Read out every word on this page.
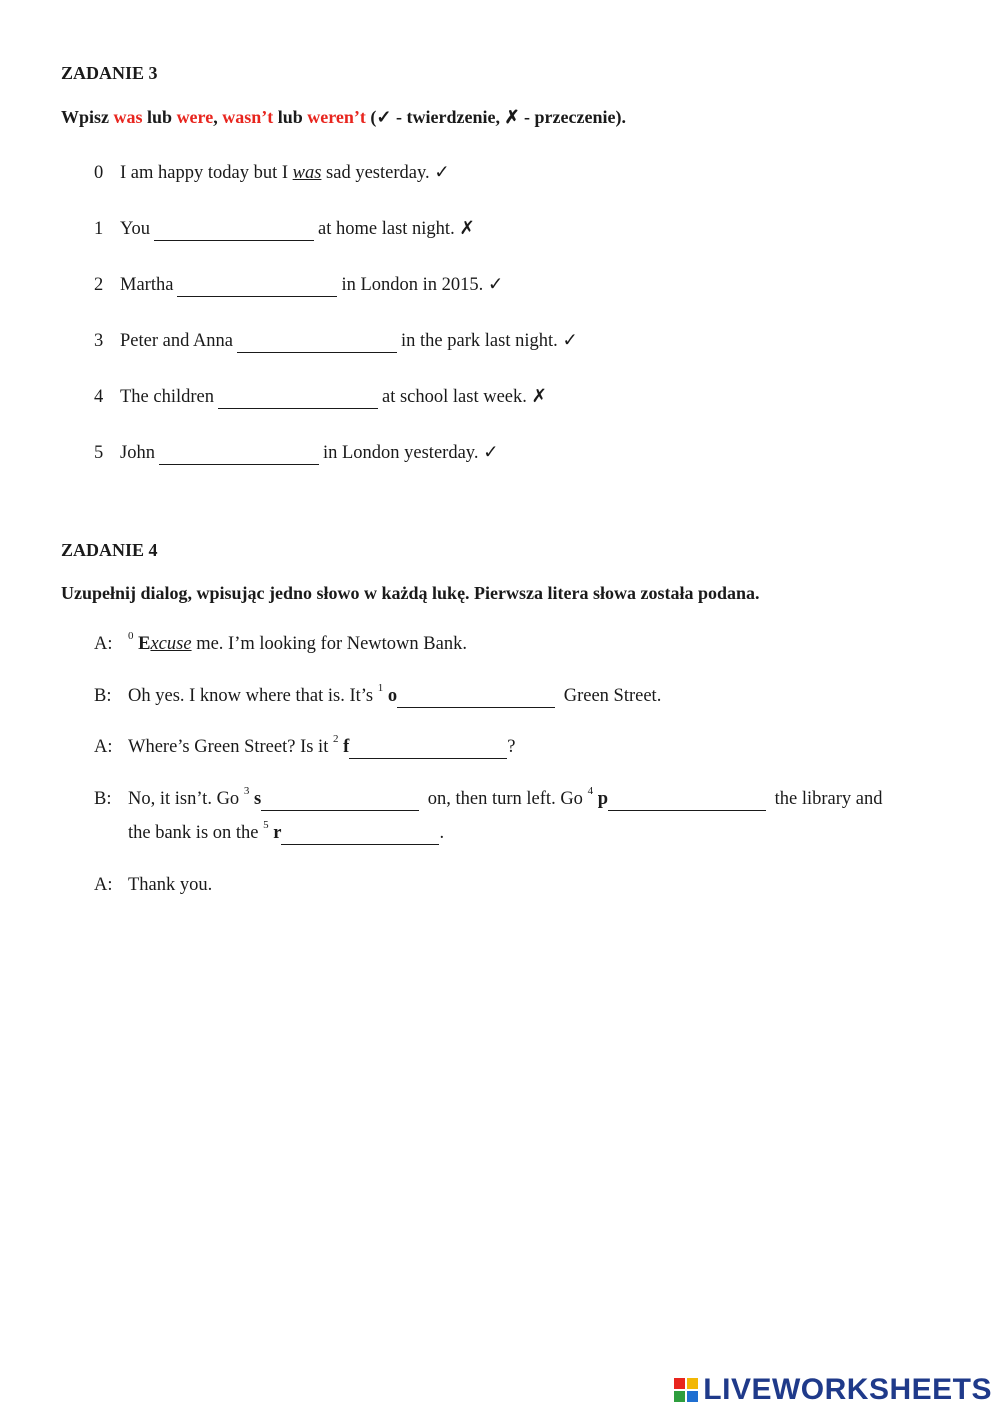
ZADANIE 3
Wpisz was lub were, wasn’t lub weren’t (✓ - twierdzenie, ✗ - przeczenie).
0 I am happy today but I was sad yesterday. ✓
1 You	at home last night. ✗
2 Martha	in London in 2015. ✓
3 Peter and Anna	in the park last night. ✓
4 The children	at school last week. ✗
5 John	in London yesterday. ✓
ZADANIE 4
Uzupełnij dialog, wpisując jedno słowo w każdą lukę. Pierwsza litera słowa została podana.
A: $^0$ Excuse me. I’m looking for Newtown Bank.
B: Oh yes. I know where that is. It’s $^1$ o	Green Street.
A: Where’s Green Street? Is it $^2$ f	?
B: No, it isn’t. Go $^3$ s	on, then turn left. Go $^4$ p	the library and
the bank is on the $^5$ r	.
A: Thank you.
LIVEWORKSHEETS
